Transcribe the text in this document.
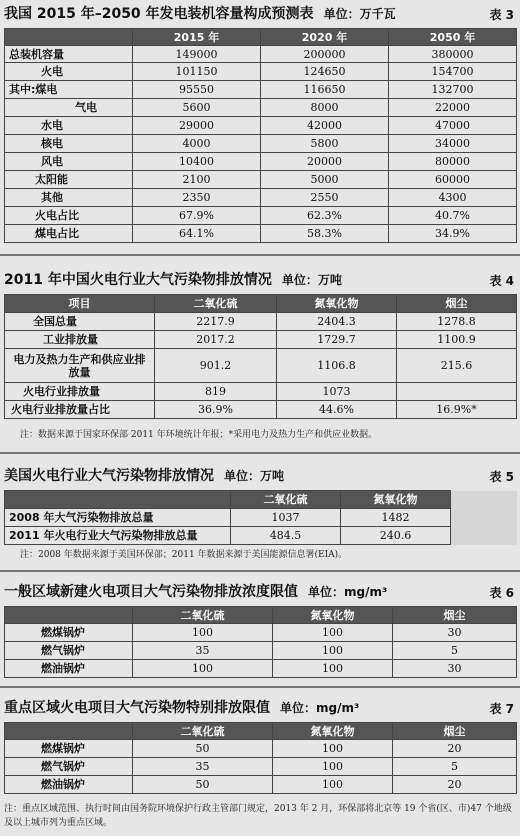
我国 2015 年–2050 年发电装机容量构成预测表 单位：万千瓦	表 3
	2015 年	2020 年	2050 年
总装机容量	149000	200000	380000
火电	101150	124650	154700
其中:煤电	95550	116650	132700
气电	5600	8000	22000
水电	29000	42000	47000
核电	4000	5800	34000
风电	10400	20000	80000
太阳能	2100	5000	60000
其他	2350	2550	4300
火电占比	67.9%	62.3%	40.7%
煤电占比	64.1%	58.3%	34.9%
2011 年中国火电行业大气污染物排放情况 单位：万吨	表 4
项目	二氧化硫	氮氧化物	烟尘
全国总量	2217.9	2404.3	1278.8
工业排放量	2017.2	1729.7	1100.9
电力及热力生产和供应业排放量	901.2	1106.8	215.6
火电行业排放量	819	1073	
火电行业排放量占比	36.9%	44.6%	16.9%*
注：数据来源于国家环保部 2011 年环境统计年报；*采用电力及热力生产和供应业数据。
美国火电行业大气污染物排放情况 单位：万吨	表 5
	二氧化硫	氮氧化物	
2008 年大气污染物排放总量	1037	1482	
2011 年火电行业大气污染物排放总量	484.5	240.6	
注：2008 年数据来源于美国环保部；2011 年数据来源于美国能源信息署(EIA)。
一般区域新建火电项目大气污染物排放浓度限值 单位：mg/m³	表 6
	二氧化硫	氮氧化物	烟尘
燃煤锅炉	100	100	30
燃气锅炉	35	100	5
燃油锅炉	100	100	30
重点区域火电项目大气污染物特别排放限值 单位：mg/m³	表 7
	二氧化硫	氮氧化物	烟尘
燃煤锅炉	50	100	20
燃气锅炉	35	100	5
燃油锅炉	50	100	20
注：重点区域范围、执行时间由国务院环境保护行政主管部门规定，2013 年 2 月，环保部将北京等 19 个省(区、市)47 个地级及以上城市列为重点区域。
